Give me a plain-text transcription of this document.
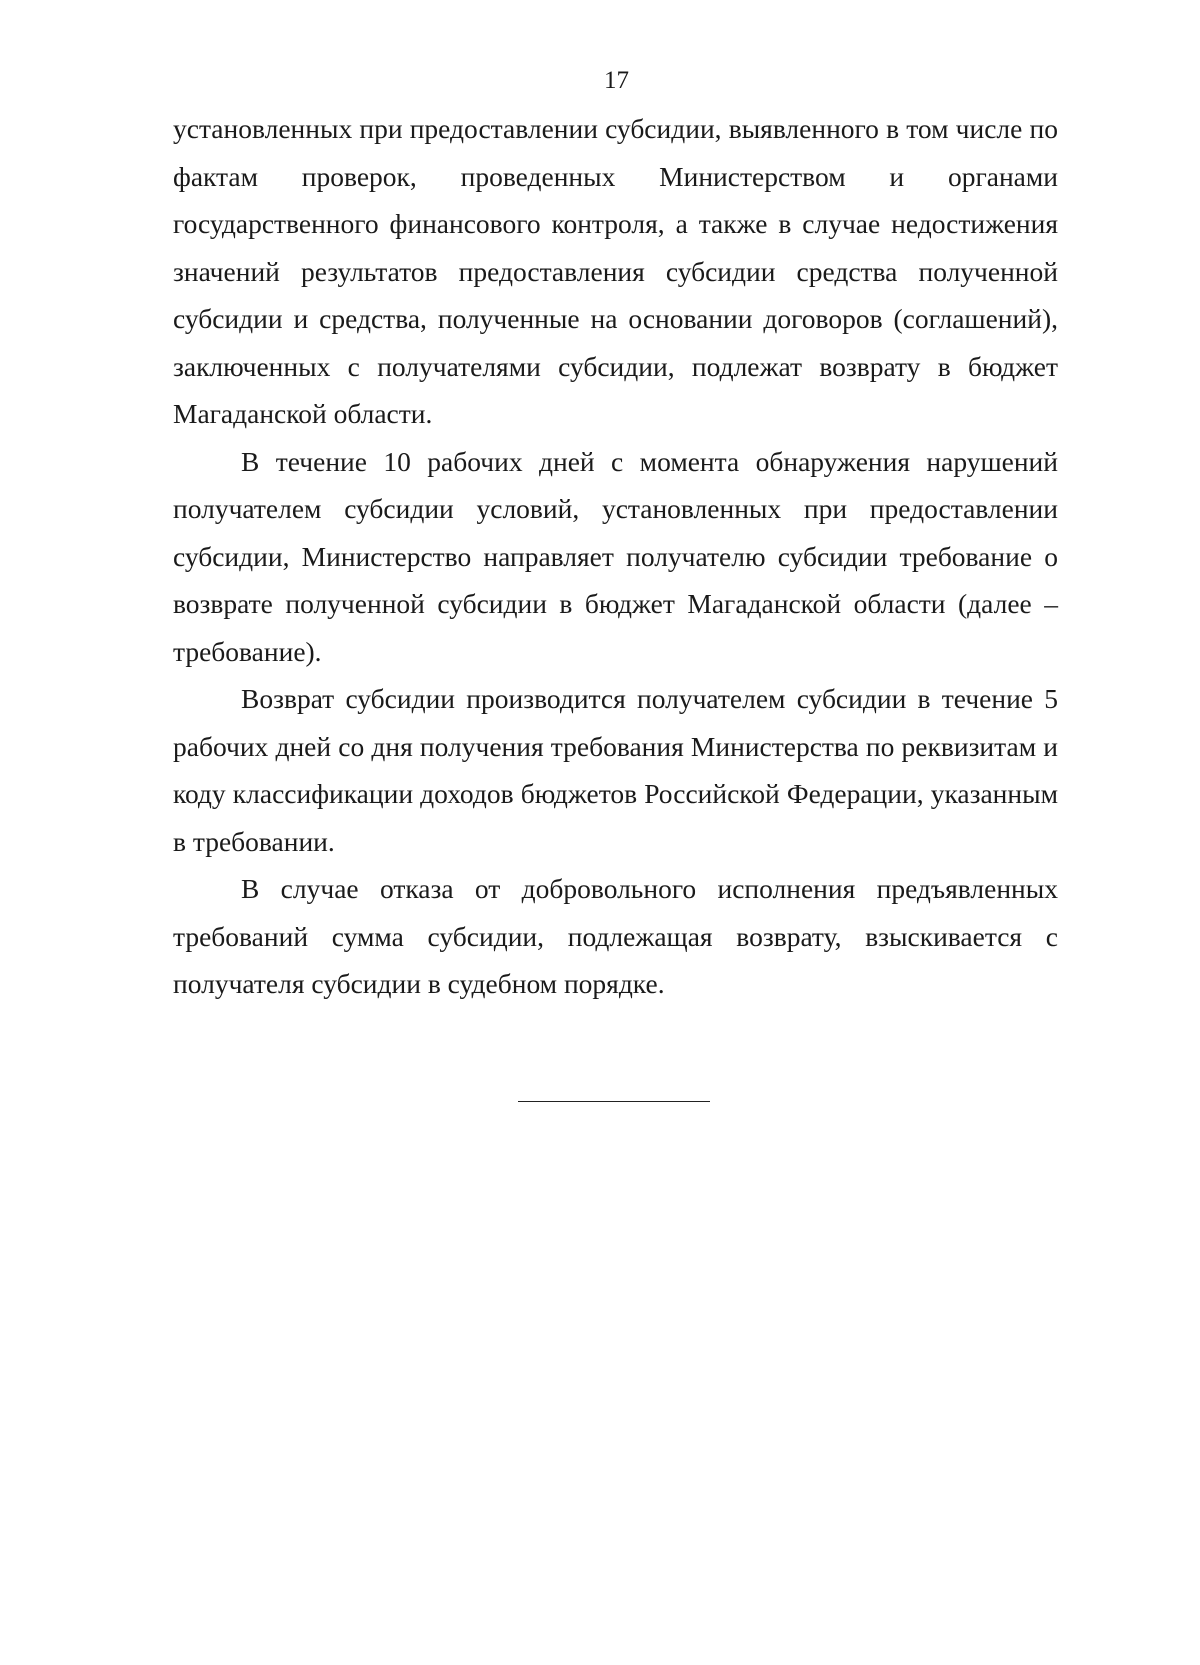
17

установленных при предоставлении субсидии, выявленного в том числе по фактам проверок, проведенных Министерством и органами государственного финансового контроля, а также в случае недостижения значений результатов предоставления субсидии средства полученной субсидии и средства, полученные на основании договоров (соглашений), заключенных с получателями субсидии, подлежат возврату в бюджет Магаданской области.

В течение 10 рабочих дней с момента обнаружения нарушений получателем субсидии условий, установленных при предоставлении субсидии, Министерство направляет получателю субсидии требование о возврате полученной субсидии в бюджет Магаданской области (далее – требование).

Возврат субсидии производится получателем субсидии в течение 5 рабочих дней со дня получения требования Министерства по реквизитам и коду классификации доходов бюджетов Российской Федерации, указанным в требовании.

В случае отказа от добровольного исполнения предъявленных требований сумма субсидии, подлежащая возврату, взыскивается с получателя субсидии в судебном порядке.
